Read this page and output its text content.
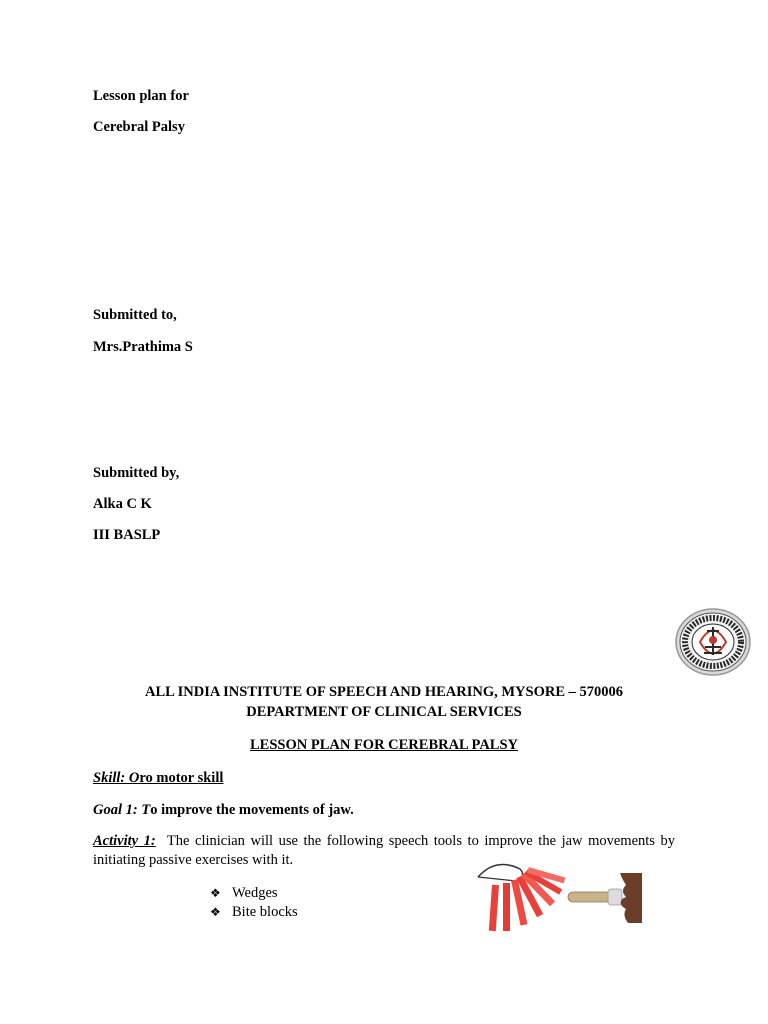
Lesson plan for
Cerebral Palsy
Submitted to,
Mrs.Prathima S
Submitted by,
Alka C K
III BASLP
ALL INDIA INSTITUTE OF SPEECH AND HEARING, MYSORE – 570006
DEPARTMENT OF CLINICAL SERVICES
LESSON PLAN FOR CEREBRAL PALSY
Skill: Oro motor skill
Goal 1: To improve the movements of jaw.
Activity 1: The clinician will use the following speech tools to improve the jaw movements by initiating passive exercises with it.
❖ Wedges
❖ Bite blocks
